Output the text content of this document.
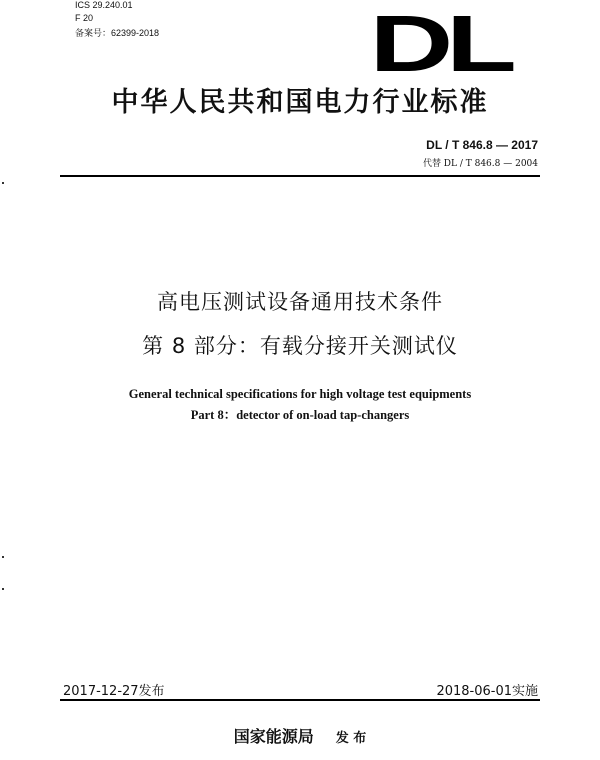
ICS 29.240.01
F 20
备案号：62399-2018	DL
中华人民共和国电力行业标准
DL / T 846.8 — 2017
代替 DL / T 846.8 — 2004
高电压测试设备通用技术条件
第 8 部分：有载分接开关测试仪
General technical specifications for high voltage test equipments
Part 8：detector of on-load tap-changers
2017-12-27发布	2018-06-01实施
国家能源局 发 布
